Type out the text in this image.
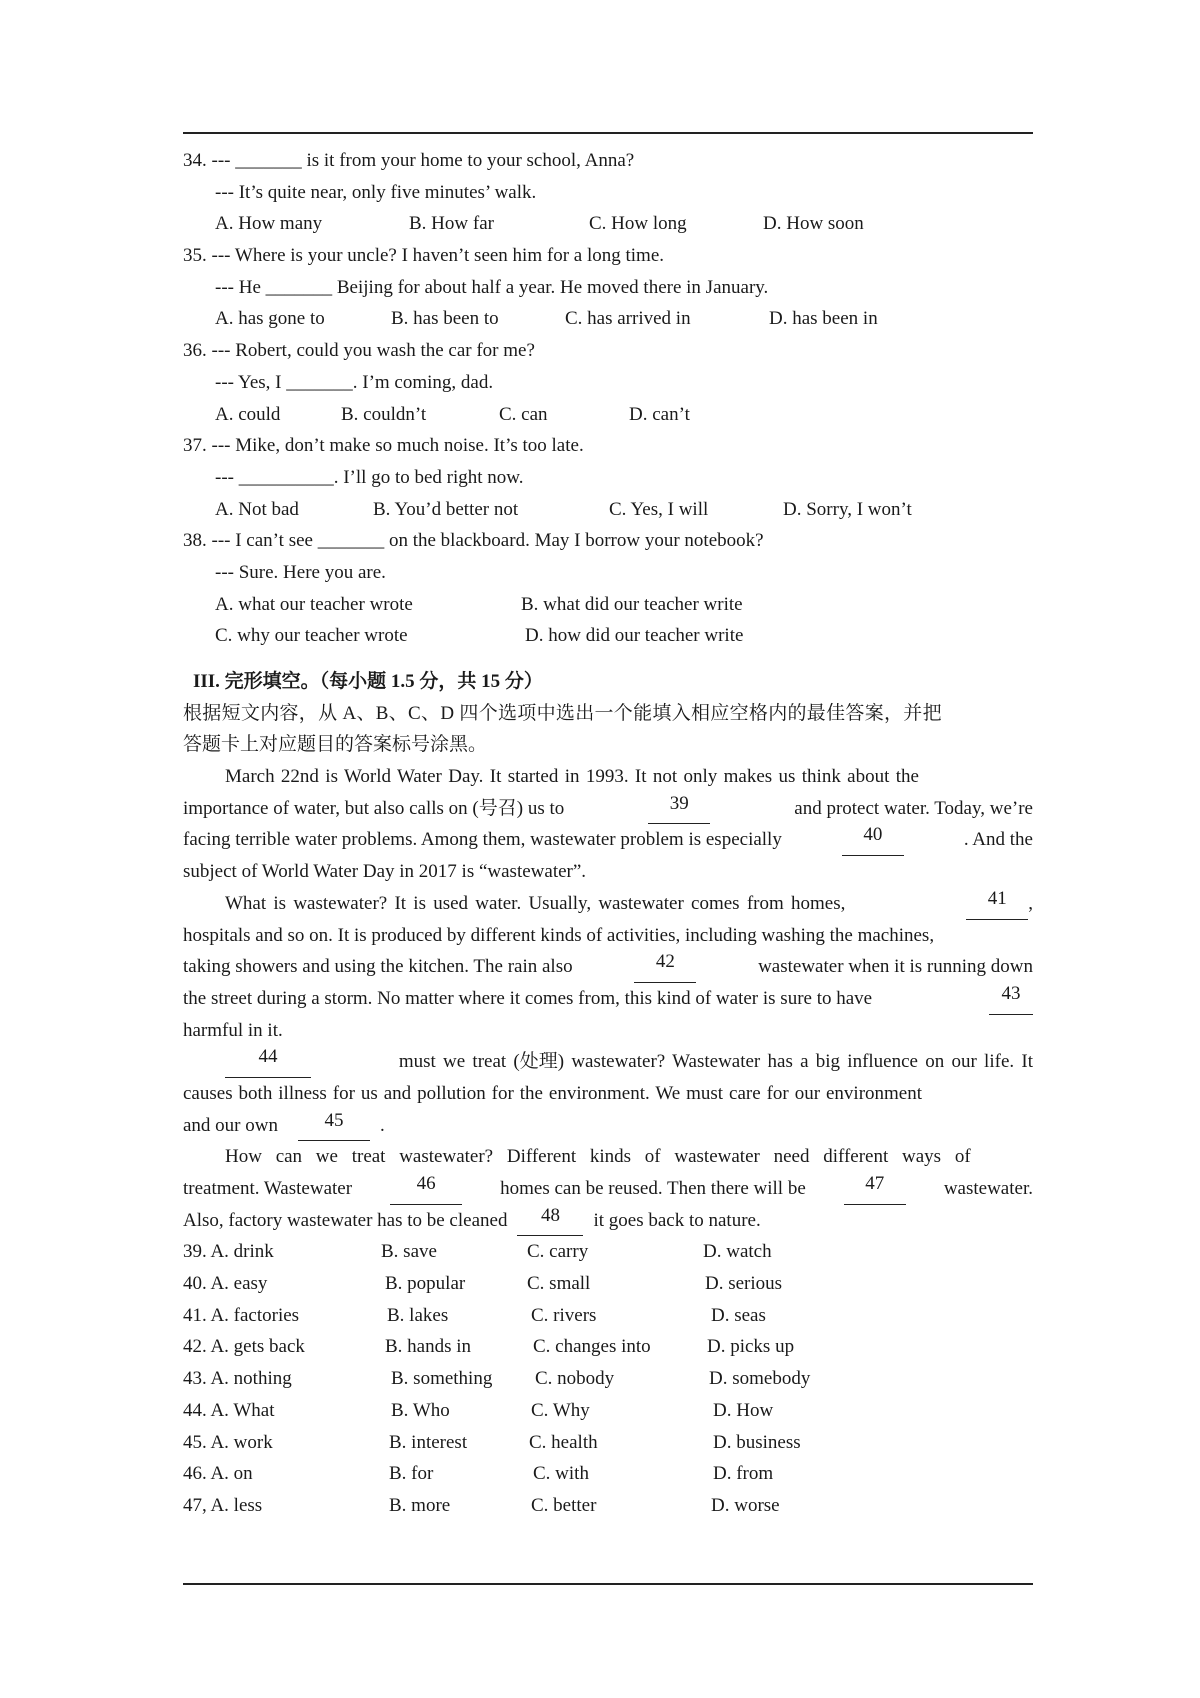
34. --- _______ is it from your home to your school, Anna?
--- It’s quite near, only five minutes’ walk.
A. How many	B. How far	C. How long	D. How soon
35. --- Where is your uncle? I haven’t seen him for a long time.
--- He _______ Beijing for about half a year. He moved there in January.
A. has gone to	B. has been to	C. has arrived in	D. has been in
36. --- Robert, could you wash the car for me?
--- Yes, I _______. I’m coming, dad.
A. could	B. couldn’t	C. can	D. can’t
37. --- Mike, don’t make so much noise. It’s too late.
--- __________. I’ll go to bed right now.
A. Not bad	B. You’d better not	C. Yes, I will	D. Sorry, I won’t
38. --- I can’t see _______ on the blackboard. May I borrow your notebook?
--- Sure. Here you are.
A. what our teacher wrote	B. what did our teacher write
C. why our teacher wrote	D. how did our teacher write
III. 完形填空。（每小题 1.5 分，共 15 分）
根据短文内容，从 A、B、C、D 四个选项中选出一个能填入相应空格内的最佳答案，并把
答题卡上对应题目的答案标号涂黑。
March 22nd is World Water Day. It started in 1993. It not only makes us think about the
importance of water, but also calls on (号召) us to	39	and protect water. Today, we’re
facing terrible water problems. Among them, wastewater problem is especially	40	. And the
subject of World Water Day in 2017 is “wastewater”.
What is wastewater? It is used water. Usually, wastewater comes from homes,	41	,
hospitals and so on. It is produced by different kinds of activities, including washing the machines,
taking showers and using the kitchen. The rain also	42	wastewater when it is running down
the street during a storm. No matter where it comes from, this kind of water is sure to have	43
harmful in it.
44	must we treat (处理) wastewater? Wastewater has a big influence on our life. It
causes both illness for us and pollution for the environment. We must care for our environment
and our own	45	.
How can we treat wastewater? Different kinds of wastewater need different ways of
treatment. Wastewater	46	homes can be reused. Then there will be	47	wastewater.
Also, factory wastewater has to be cleaned	48	it goes back to nature.
39. A. drink	B. save	C. carry	D. watch
40. A. easy	B. popular	C. small	D. serious
41. A. factories	B. lakes	C. rivers	D. seas
42. A. gets back	B. hands in	C. changes into	D. picks up
43. A. nothing	B. something C. nobody	D. somebody
44. A. What	B. Who	C. Why	D. How
45. A. work	B. interest	C. health	D. business
46. A. on	B. for	C. with	D. from
47, A. less	B. more	C. better	D. worse
